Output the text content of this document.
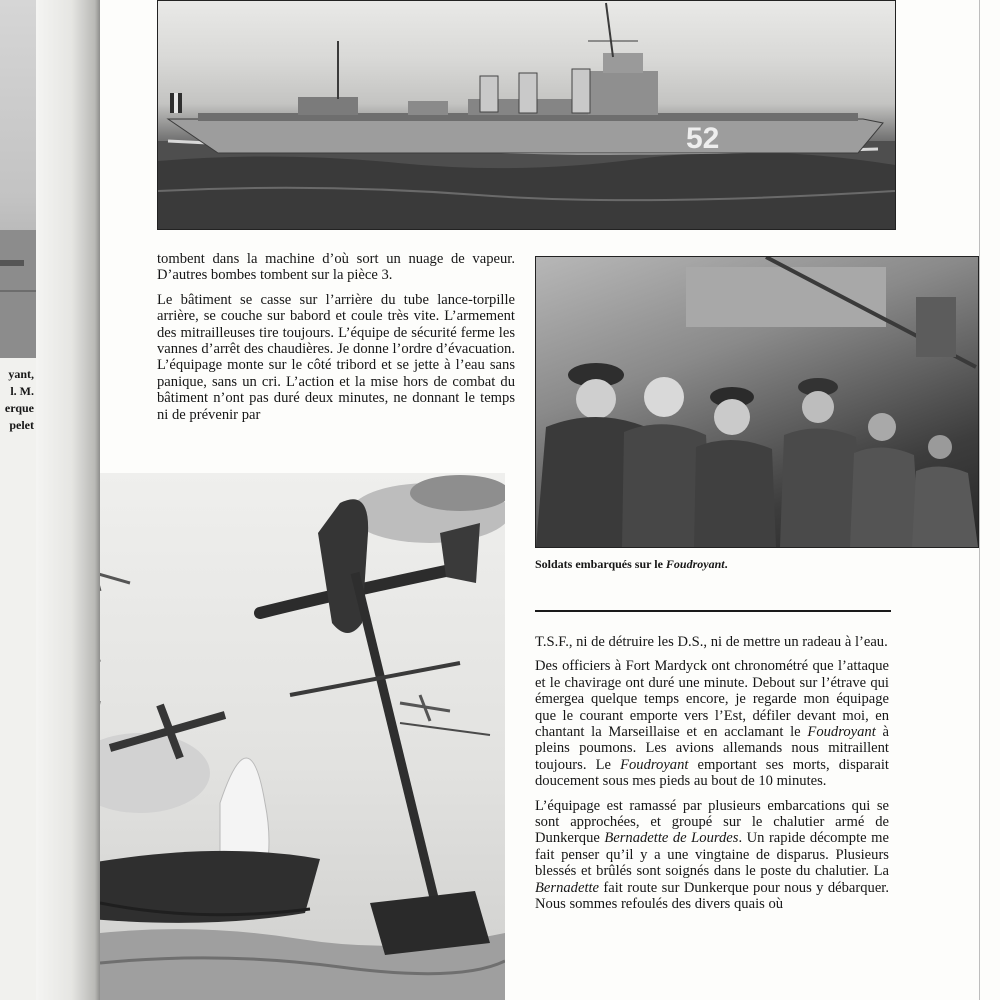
yant,
l. M.
erque
pelet
52

tombent dans la machine d’où sort un nuage de vapeur. D’autres bombes tombent sur la pièce 3.

Le bâtiment se casse sur l’arrière du tube lance-torpille arrière, se couche sur babord et coule très vite. L’armement des mitrailleuses tire toujours. L’équipe de sécurité ferme les vannes d’arrêt des chaudières. Je donne l’ordre d’évacuation. L’équipage monte sur le côté tribord et se jette à l’eau sans panique, sans un cri. L’action et la mise hors de combat du bâtiment n’ont pas duré deux minutes, ne donnant le temps ni de prévenir par

Soldats embarqués sur le Foudroyant.

T.S.F., ni de détruire les D.S., ni de mettre un radeau à l’eau.

Des officiers à Fort Mardyck ont chronométré que l’attaque et le chavirage ont duré une minute. Debout sur l’étrave qui émergea quelque temps encore, je regarde mon équipage que le courant emporte vers l’Est, défiler devant moi, en chantant la Marseillaise et en acclamant le Foudroyant à pleins poumons. Les avions allemands nous mitraillent toujours. Le Foudroyant emportant ses morts, disparait doucement sous mes pieds au bout de 10 minutes.

L’équipage est ramassé par plusieurs embarcations qui se sont approchées, et groupé sur le chalutier armé de Dunkerque Bernadette de Lourdes. Un rapide décompte me fait penser qu’il y a une vingtaine de disparus. Plusieurs blessés et brûlés sont soignés dans le poste du chalutier. La Bernadette fait route sur Dunkerque pour nous y débarquer. Nous sommes refoulés des divers quais où
